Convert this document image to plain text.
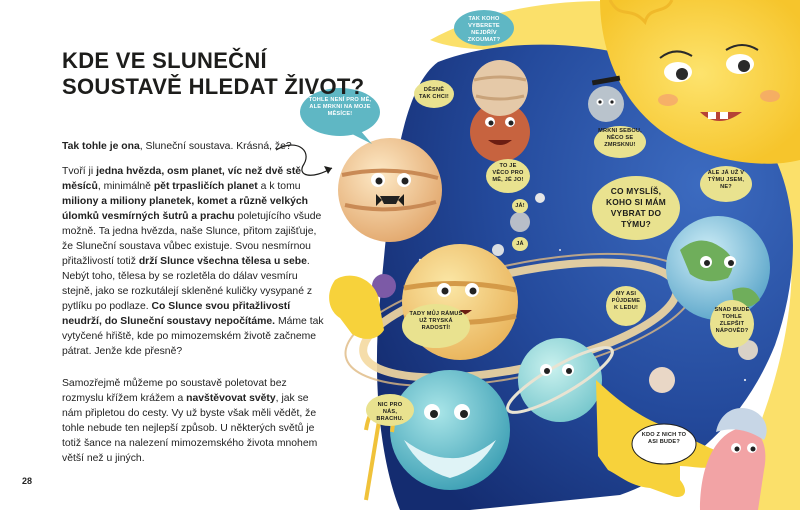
TAK KOHO VYBERETE NEJDŘÍV ZKOUMAT?
TOHLE NENÍ PRO MĚ, ALE MRKNI NA MOJE MĚSÍCE!
DĚSNĚ TAK CHCI!
MRKNI SEBOU, NĚCO SE ZMRSKNU!
TO JE VĚCO PRO MĚ, JÉ JO!
JÁ!
JÁ
ALE JÁ UŽ V TÝMU JSEM, NE?
CO MYSLÍŠ, KOHO SI MÁM VYBRAT DO TÝMU?
TADY MŮJ RÁMUS UŽ TRYSKÁ RADOSTÍ!
MY ASI PŮJDEME K LEDU!	SNAD BUDE TOHLE ZLEPŠIT NÁPOVĚD?
NIC PRO NÁS, BRACHU.
KDO Z NICH TO ASI BUDE?
KDE VE SLUNEČNÍ SOUSTAVĚ HLEDAT ŽIVOT?

Tak tohle je ona, Sluneční soustava. Krásná, že?

Tvoří ji jedna hvězda, osm planet, víc než dvě stě měsíců, minimálně pět trpasličích planet a k tomu miliony a miliony planetek, komet a různě velkých úlomků vesmírných šutrů a prachu poletujícího všude možně. Ta jedna hvězda, naše Slunce, přitom zajišťuje, že Sluneční soustava vůbec existuje. Svou nesmírnou přitažlivostí totiž drží Slunce všechna tělesa u sebe. Nebýt toho, tělesa by se rozletěla do dálav vesmíru stejně, jako se rozkutálejí skleněné kuličky vysypané z pytlíku po podlaze. Co Slunce svou přitažlivostí neudrží, do Sluneční soustavy nepočítáme. Máme tak vytyčené hřiště, kde po mimozemském životě začneme pátrat. Jenže kde přesně?

Samozřejmě můžeme po soustavě poletovat bez rozmyslu křížem krážem a navštěvovat světy, jak se nám připletou do cesty. Vy už byste však měli vědět, že tohle nebude ten nejlepší způsob. U některých světů je totiž šance na nalezení mimozemského života mnohem větší než u jiných.

28
